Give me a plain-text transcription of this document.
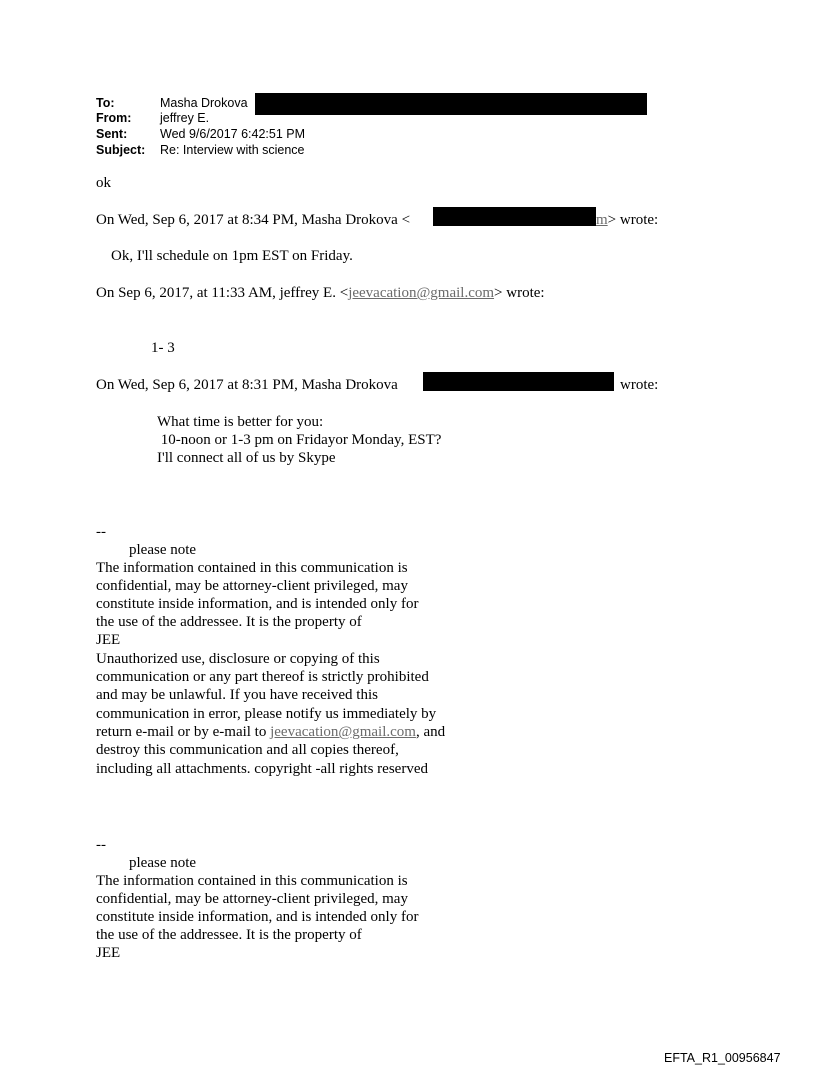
To:	Masha Drokova
From: jeffrey E.
Sent:	Wed 9/6/2017 6:42:51 PM
Subject: Re: Interview with science
ok
On Wed, Sep 6, 2017 at 8:34 PM, Masha Drokova <	m> wrote:
Ok, I'll schedule on 1pm EST on Friday.
On Sep 6, 2017, at 11:33 AM, jeffrey E. <jeevacation@gmail.com> wrote:
1- 3
On Wed, Sep 6, 2017 at 8:31 PM, Masha Drokova	wrote:
What time is better for you:
10-noon or 1-3 pm on Fridayor Monday, EST?
I'll connect all of us by Skype
--
please note
The information contained in this communication is
confidential, may be attorney-client privileged, may
constitute inside information, and is intended only for
the use of the addressee. It is the property of
JEE
Unauthorized use, disclosure or copying of this
communication or any part thereof is strictly prohibited
and may be unlawful. If you have received this
communication in error, please notify us immediately by
return e-mail or by e-mail to jeevacation@gmail.com, and
destroy this communication and all copies thereof,
including all attachments. copyright -all rights reserved
--
please note
The information contained in this communication is
confidential, may be attorney-client privileged, may
constitute inside information, and is intended only for
the use of the addressee. It is the property of
JEE
EFTA_R1_00956847
